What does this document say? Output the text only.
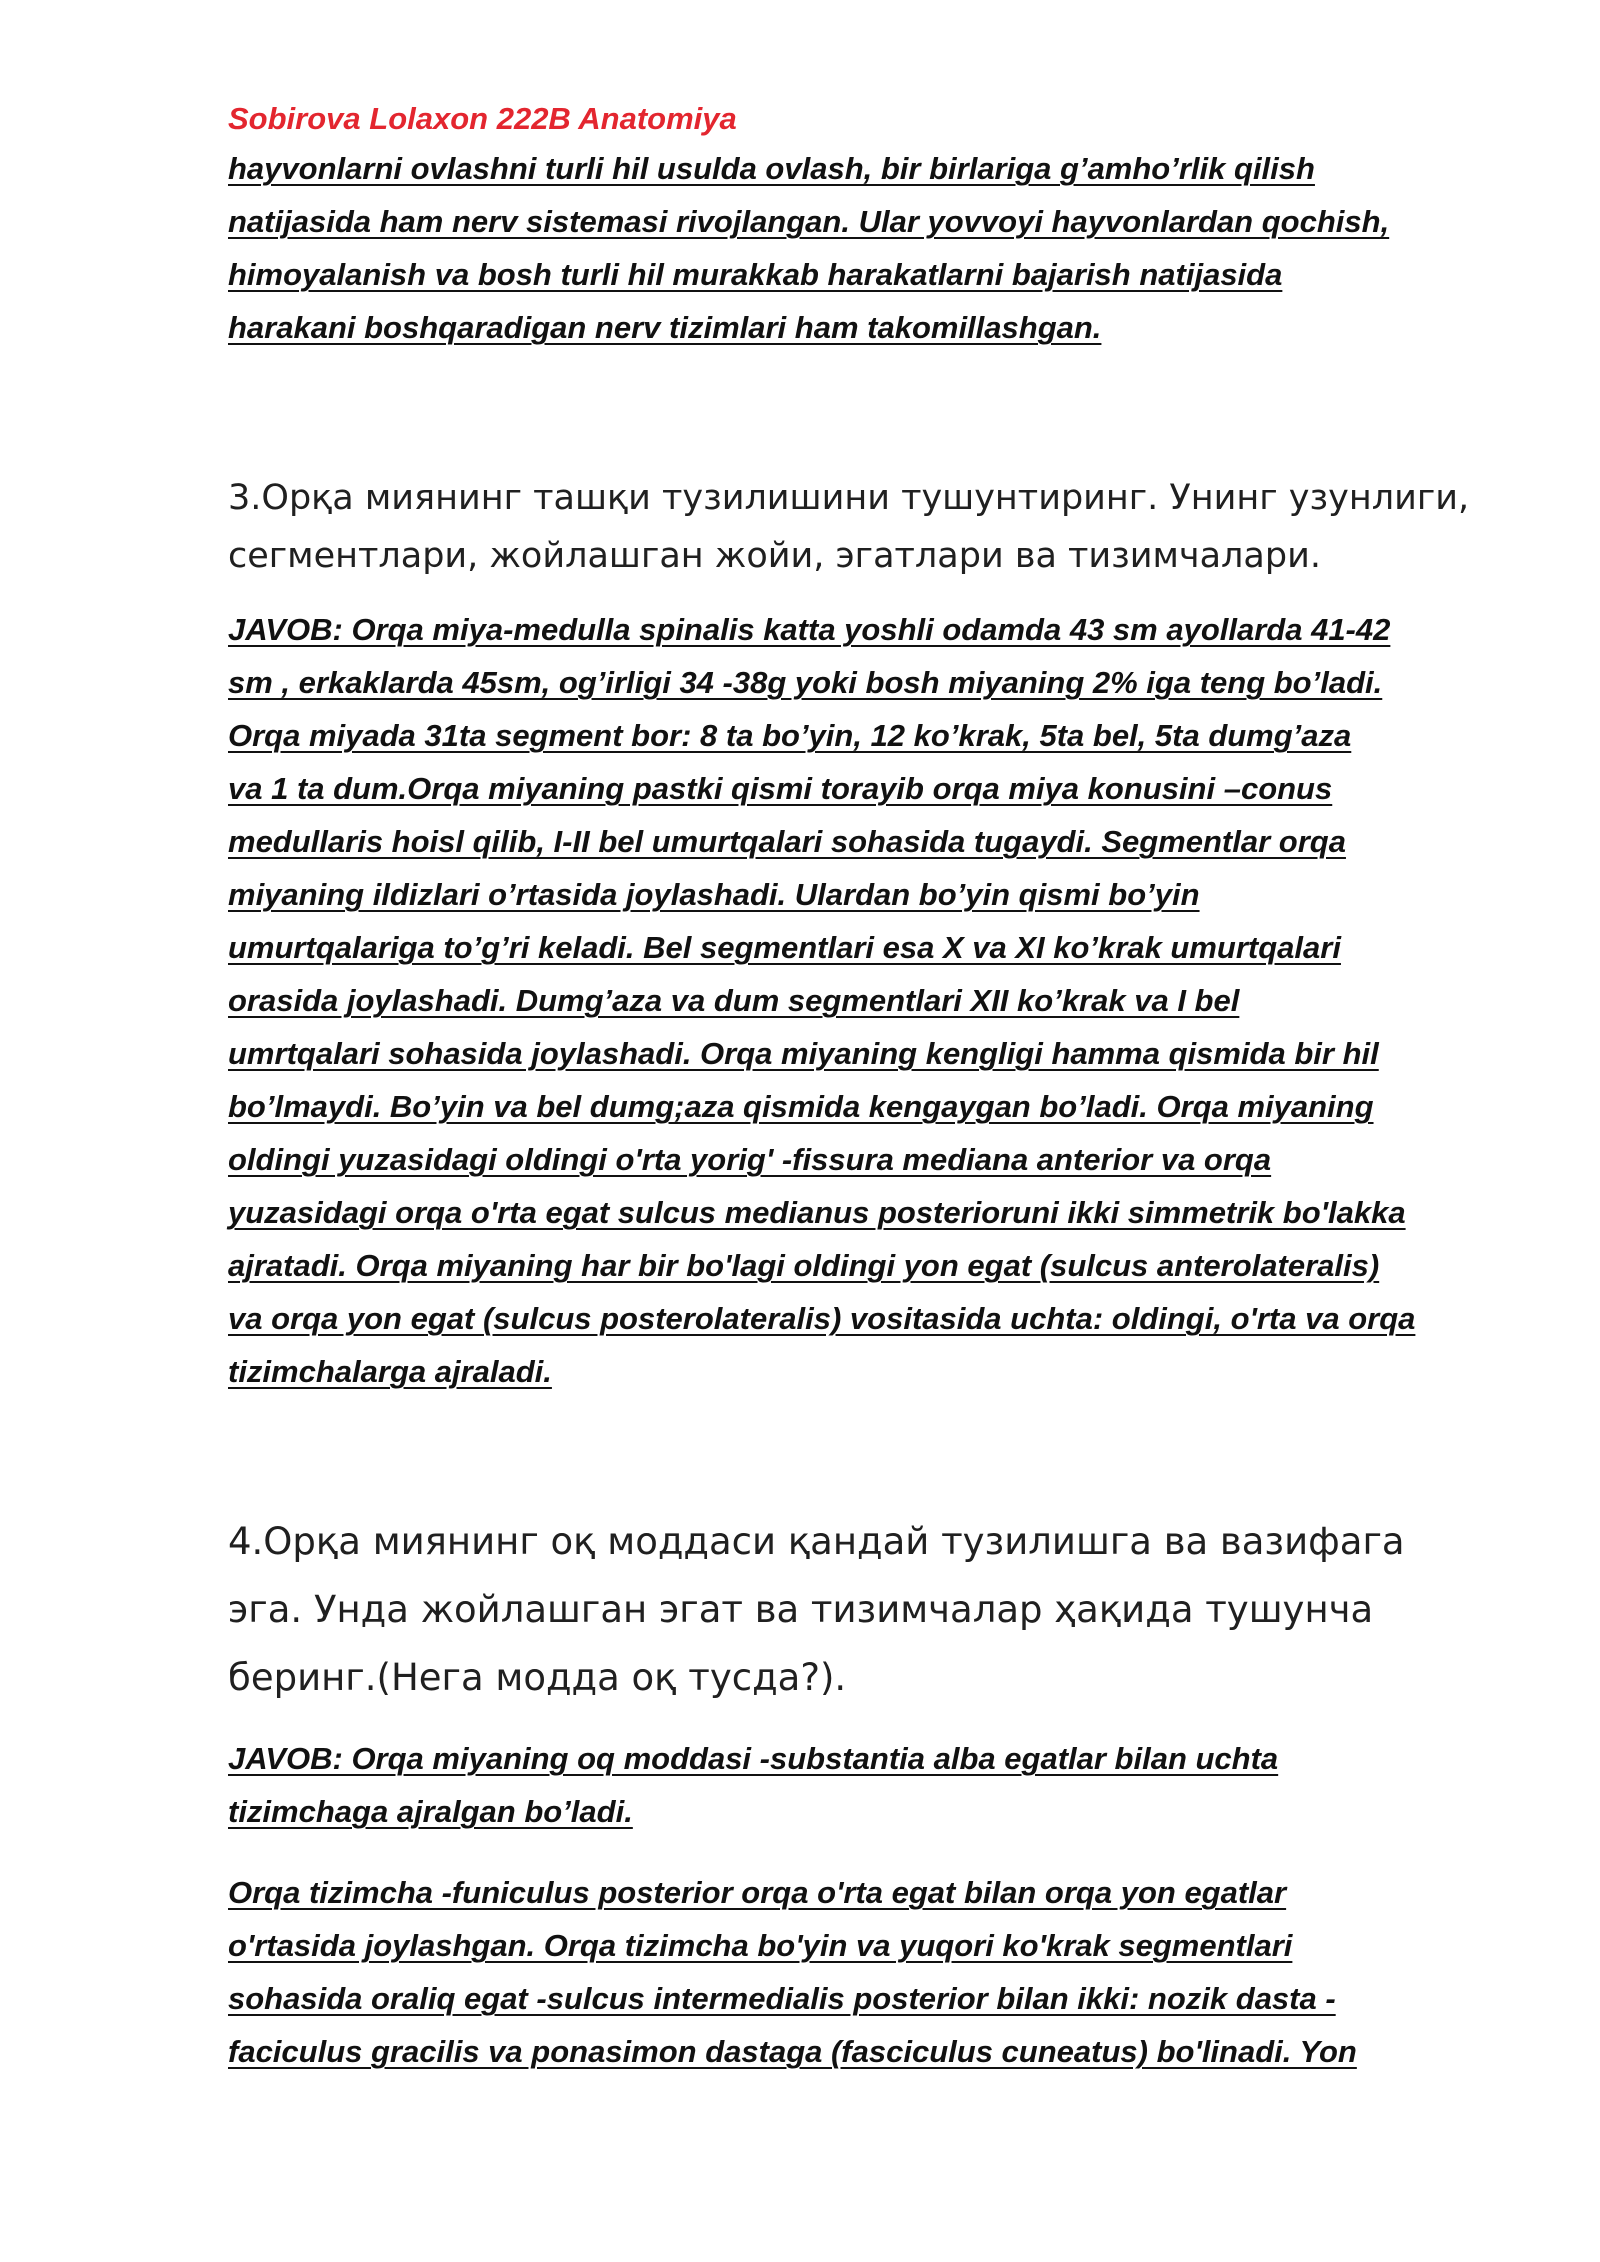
Sobirova Lolaxon 222B Anatomiya

hayvonlarni ovlashni turli hil usulda ovlash, bir birlariga g’amho’rlik qilish
natijasida ham nerv sistemasi rivojlangan. Ular yovvoyi hayvonlardan qochish,
himoyalanish va bosh turli hil murakkab harakatlarni bajarish natijasida
harakani boshqaradigan nerv tizimlari ham takomillashgan.
3.Орқа миянинг ташқи тузилишини тушунтиринг. Унинг узунлиги,
сегментлари, жойлашган жойи, эгатлари ва тизимчалари.
JAVOB: Orqa miya-medulla spinalis katta yoshli odamda 43 sm ayollarda 41-42
sm , erkaklarda 45sm, og’irligi 34 -38g yoki bosh miyaning 2% iga teng bo’ladi.
Orqa miyada 31ta segment bor: 8 ta bo’yin, 12 ko’krak, 5ta bel, 5ta dumg’aza
va 1 ta dum.Orqa miyaning pastki qismi torayib orqa miya konusini –conus
medullaris hoisl qilib, I-II bel umurtqalari sohasida tugaydi. Segmentlar orqa
miyaning ildizlari o’rtasida joylashadi. Ulardan bo’yin qismi bo’yin
umurtqalariga to’g’ri keladi. Bel segmentlari esa X va XI ko’krak umurtqalari
orasida joylashadi. Dumg’aza va dum segmentlari XII ko’krak va I bel
umrtqalari sohasida joylashadi. Orqa miyaning kengligi hamma qismida bir hil
bo’lmaydi. Bo’yin va bel dumg;aza qismida kengaygan bo’ladi. Orqa miyaning
oldingi yuzasidagi oldingi o'rta yorig' -fissura mediana anterior va orqa
yuzasidagi orqa o'rta egat sulcus medianus posterioruni ikki simmetrik bo'lakka
ajratadi. Orqa miyaning har bir bo'lagi oldingi yon egat (sulcus anterolateralis)
va orqa yon egat (sulcus posterolateralis) vositasida uchta: oldingi, o'rta va orqa
tizimchalarga ajraladi.
4.Орқа миянинг оқ моддаси қандай тузилишга ва вазифага
эга. Унда жойлашган эгат ва тизимчалар ҳақида тушунча
беринг.(Нега модда оқ тусда?).
JAVOB: Orqa miyaning oq moddasi -substantia alba egatlar bilan uchta
tizimchaga ajralgan bo’ladi.
Orqa tizimcha -funiculus posterior orqa o'rta egat bilan orqa yon egatlar
o'rtasida joylashgan. Orqa tizimcha bo'yin va yuqori ko'krak segmentlari
sohasida oraliq egat -sulcus intermedialis posterior bilan ikki: nozik dasta -
faciculus gracilis va ponasimon dastaga (fasciculus cuneatus) bo'linadi. Yon
